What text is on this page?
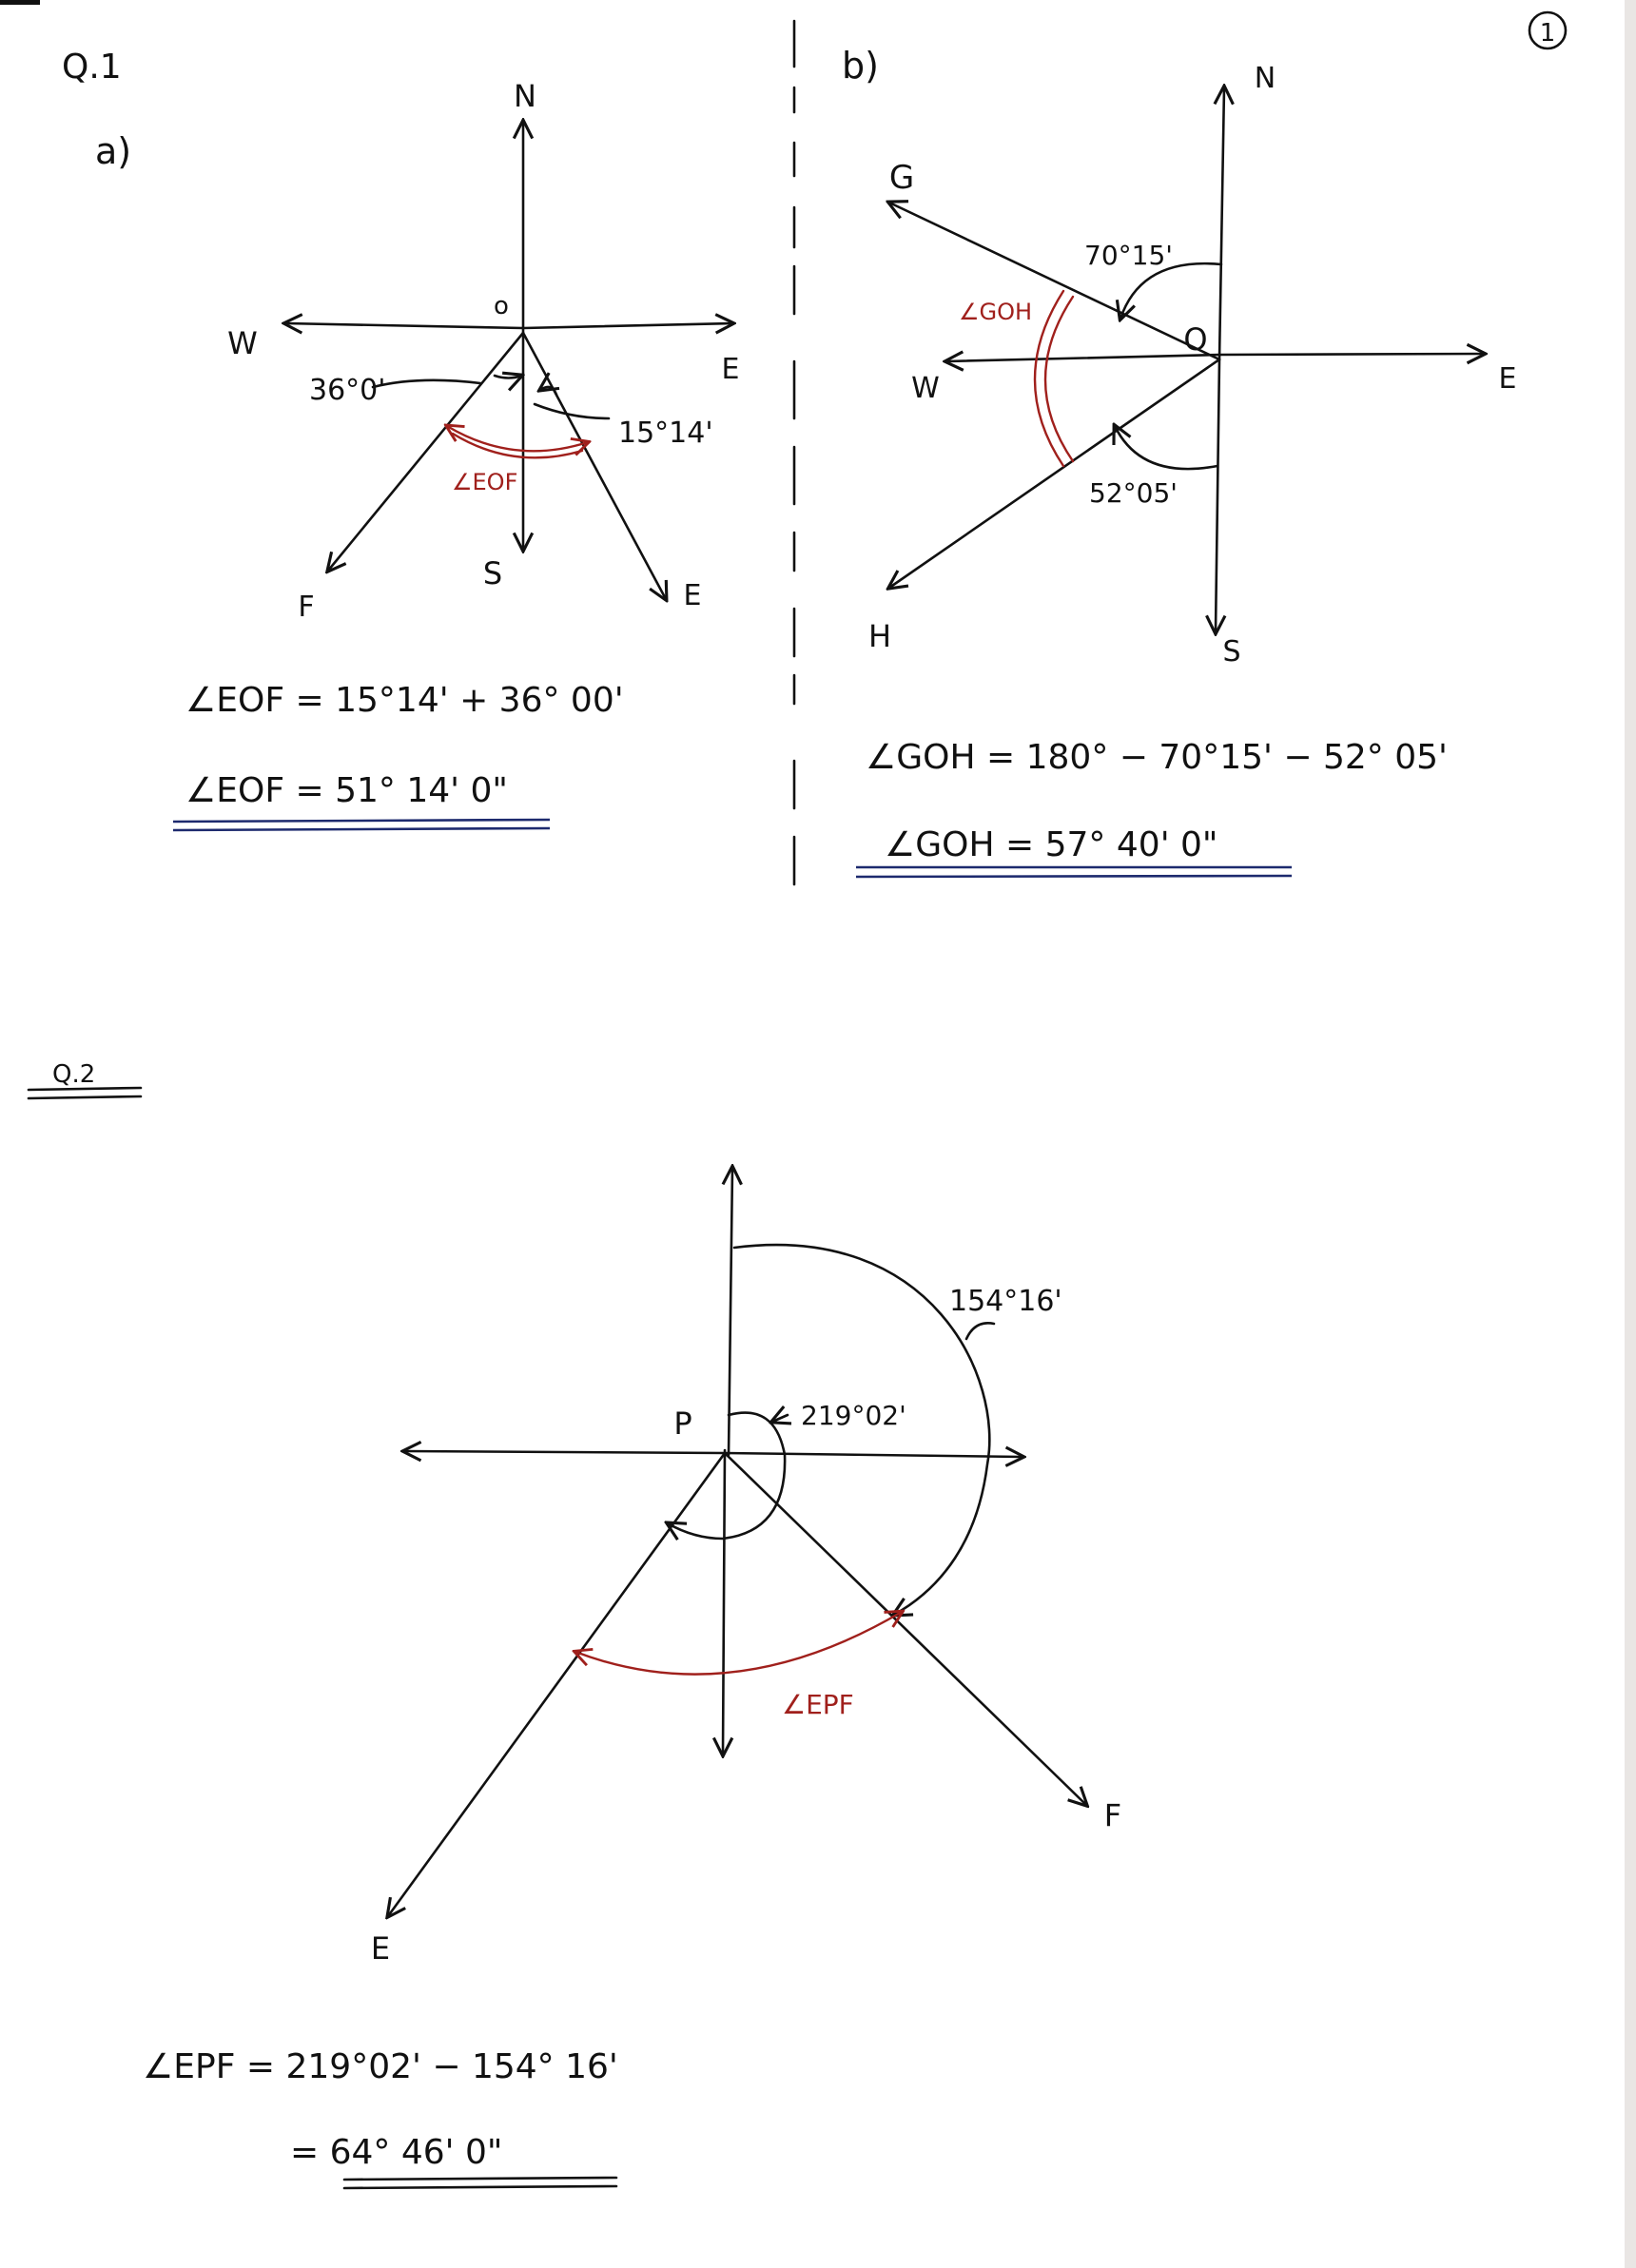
1
Q.1
a)
N
W
E
o
S
F	E
36°0'
15°14'
∠EOF
∠EOF = 15°14' + 36° 00'
∠EOF = 51° 14' 0"
b)	N
G
O
W	E
H	S
70°15'
52°05'
∠GOH
∠GOH = 180° − 70°15' − 52° 05'
∠GOH = 57° 40' 0"
Q.2
P
E
F
154°16'
219°02'
∠EPF
∠EPF = 219°02' − 154° 16'
= 64° 46' 0"
